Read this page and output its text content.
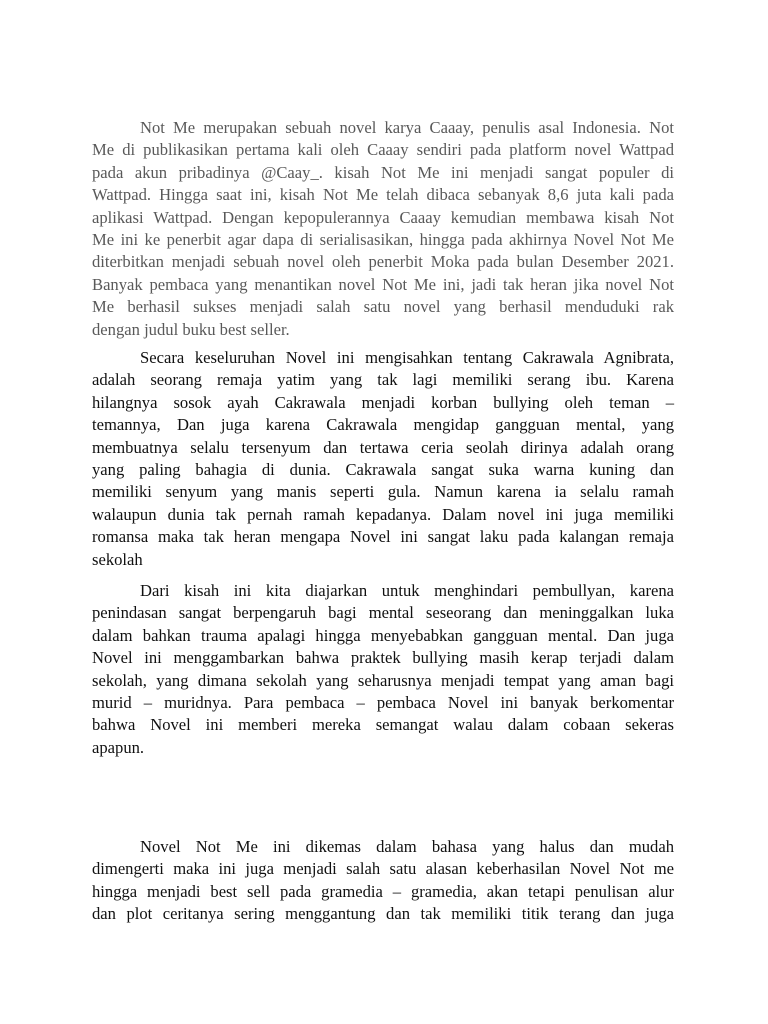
Not Me merupakan sebuah novel karya Caaay, penulis asal Indonesia. Not
Me di publikasikan pertama kali oleh Caaay sendiri pada platform novel Wattpad
pada akun pribadinya @Caay_. kisah Not Me ini menjadi sangat populer di
Wattpad. Hingga saat ini, kisah Not Me telah dibaca sebanyak 8,6 juta kali pada
aplikasi Wattpad. Dengan kepopulerannya Caaay kemudian membawa kisah Not
Me ini ke penerbit agar dapa di serialisasikan, hingga pada akhirnya Novel Not Me
diterbitkan menjadi sebuah novel oleh penerbit Moka pada bulan Desember 2021.
Banyak pembaca yang menantikan novel Not Me ini, jadi tak heran jika novel Not
Me berhasil sukses menjadi salah satu novel yang berhasil menduduki rak
dengan judul buku best seller.
Secara keseluruhan Novel ini mengisahkan tentang Cakrawala Agnibrata,
adalah seorang remaja yatim yang tak lagi memiliki serang ibu. Karena
hilangnya sosok ayah Cakrawala menjadi korban bullying oleh teman –
temannya, Dan juga karena Cakrawala mengidap gangguan mental, yang
membuatnya selalu tersenyum dan tertawa ceria seolah dirinya adalah orang
yang paling bahagia di dunia. Cakrawala sangat suka warna kuning dan
memiliki senyum yang manis seperti gula. Namun karena ia selalu ramah
walaupun dunia tak pernah ramah kepadanya. Dalam novel ini juga memiliki
romansa maka tak heran mengapa Novel ini sangat laku pada kalangan remaja
sekolah
Dari kisah ini kita diajarkan untuk menghindari pembullyan, karena
penindasan sangat berpengaruh bagi mental seseorang dan meninggalkan luka
dalam bahkan trauma apalagi hingga menyebabkan gangguan mental. Dan juga
Novel ini menggambarkan bahwa praktek bullying masih kerap terjadi dalam
sekolah, yang dimana sekolah yang seharusnya menjadi tempat yang aman bagi
murid – muridnya. Para pembaca – pembaca Novel ini banyak berkomentar
bahwa Novel ini memberi mereka semangat walau dalam cobaan sekeras
apapun.
Novel Not Me ini dikemas dalam bahasa yang halus dan mudah
dimengerti maka ini juga menjadi salah satu alasan keberhasilan Novel Not me
hingga menjadi best sell pada gramedia – gramedia, akan tetapi penulisan alur
dan plot ceritanya sering menggantung dan tak memiliki titik terang dan juga
